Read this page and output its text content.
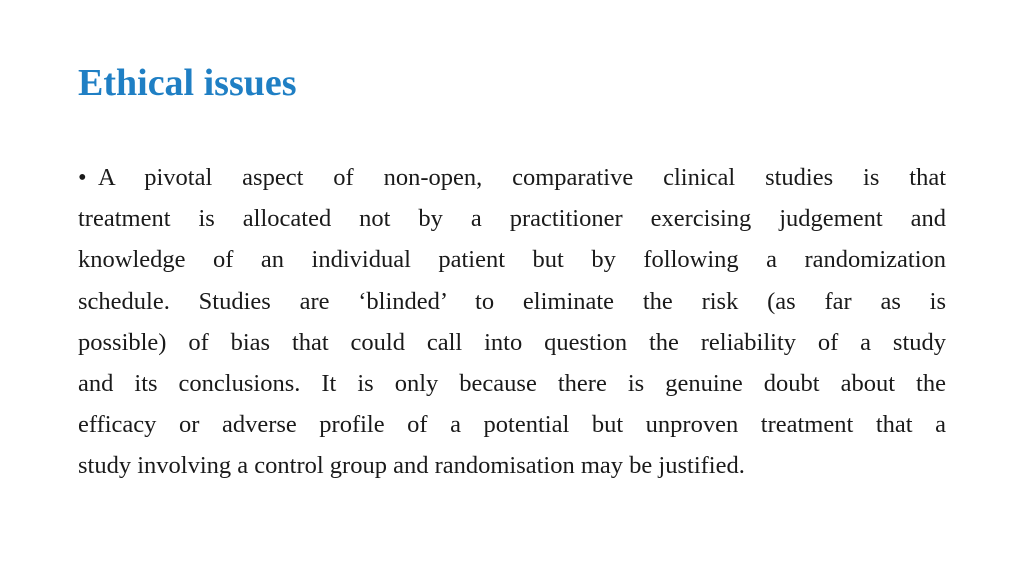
Ethical issues
• A pivotal aspect of non-open, comparative clinical studies is that
treatment is allocated not by a practitioner exercising judgement and
knowledge of an individual patient but by following a randomization
schedule. Studies are ‘blinded’ to eliminate the risk (as far as is
possible) of bias that could call into question the reliability of a study
and its conclusions. It is only because there is genuine doubt about the
efficacy or adverse profile of a potential but unproven treatment that a
study involving a control group and randomisation may be justified.
